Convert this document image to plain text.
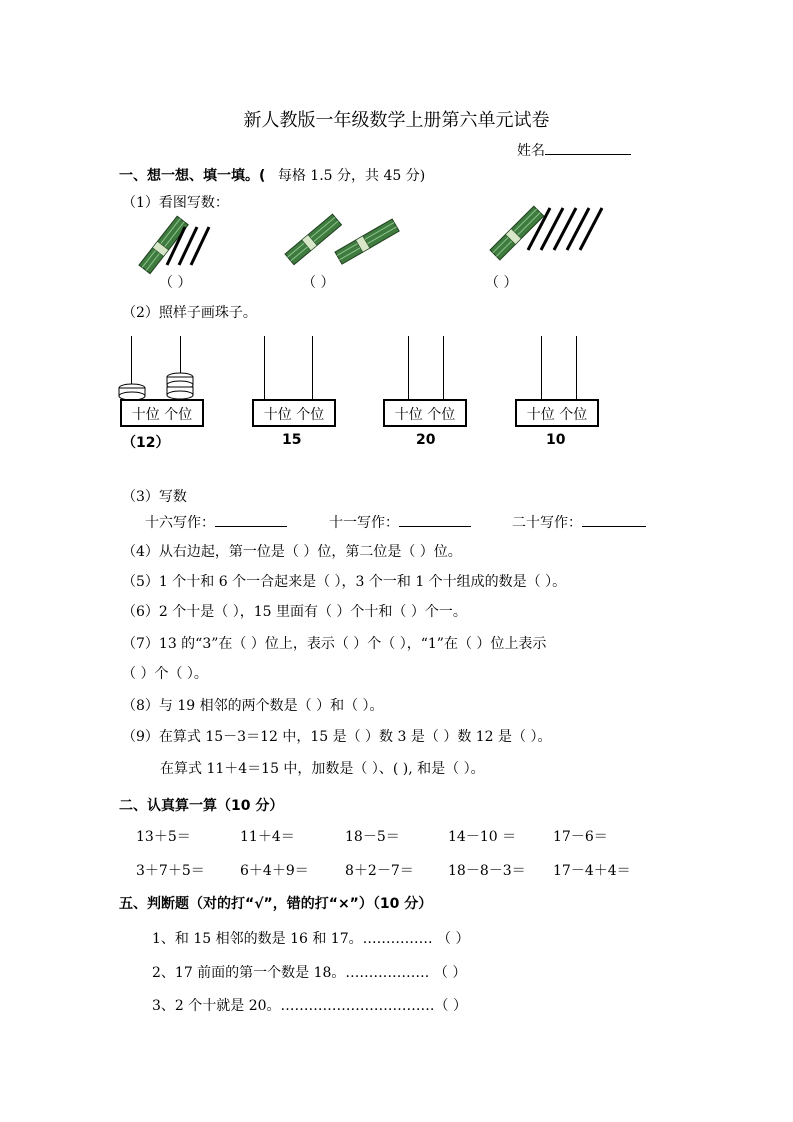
新人教版一年级数学上册第六单元试卷
姓名
一、想一想、填一填。( 每格 1.5 分，共 45 分)
（1）看图写数：
（ ）	（ ）	（ ）
（2）照样子画珠子。
十位 个位
（12）
十位 个位
15
十位 个位
20
十位 个位
10
（3）写数
十六写作：	十一写作：	二十写作：
（4）从右边起，第一位是（ ）位，第二位是（ ）位。
（5）1 个十和 6 个一合起来是（ ），3 个一和 1 个十组成的数是（ ）。
（6）2 个十是（ ），15 里面有（ ）个十和（ ）个一。
（7）13 的“3”在（ ）位上，表示（ ）个（ ），“1”在（ ）位上表示
（ ）个（ ）。
（8）与 19 相邻的两个数是（ ）和（ ）。
（9）在算式 15－3＝12 中，15 是（ ）数 3 是（ ）数 12 是（ ）。
在算式 11＋4＝15 中，加数是（ ）、( ), 和是（ ）。
二、认真算一算（10 分）
13＋5＝	11＋4＝	18－5＝	14－10 ＝	17－6＝
3＋7＋5＝	6＋4＋9＝	8＋2－7＝ 18－8－3＝ 17－4＋4＝
五、判断题（对的打“√”，错的打“×”）（10 分）
1、和 15 相邻的数是 16 和 17。…………… （ ）
2、17 前面的第一个数是 18。……………… （ ）
3、2 个十就是 20。……………………………（ ）
